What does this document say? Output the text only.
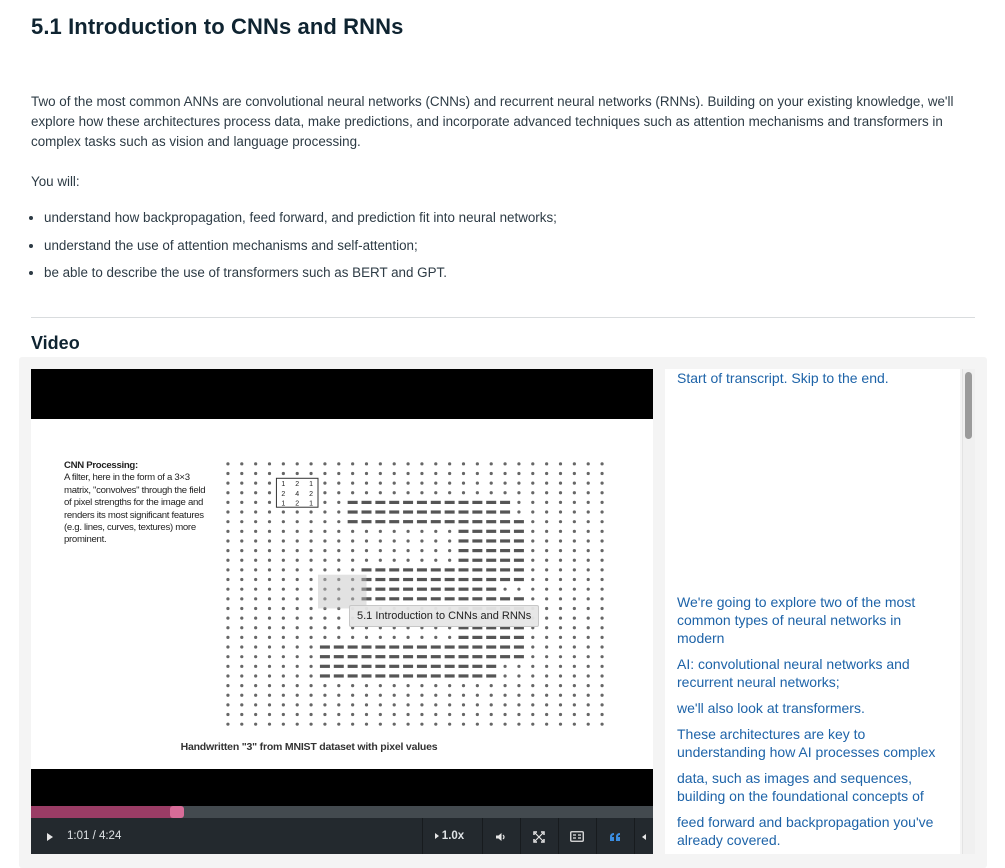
5.1 Introduction to CNNs and RNNs

Two of the most common ANNs are convolutional neural networks (CNNs) and recurrent neural networks (RNNs). Building on your existing knowledge, we'll explore how these architectures process data, make predictions, and incorporate advanced techniques such as attention mechanisms and transformers in complex tasks such as vision and language processing.

You will:

• understand how backpropagation, feed forward, and prediction fit into neural networks;
• understand the use of attention mechanisms and self-attention;
• be able to describe the use of transformers such as BERT and GPT.
Video
CNN Processing:
A filter, here in the form of a 3×3 matrix, "convolves" through the field of pixel strengths for the image and renders its most significant features (e.g. lines, curves, textures) more prominent.
1 2 1
2 4 2
1 2 1
Handwritten "3" from MNIST dataset with pixel values
5.1 Introduction to CNNs and RNNs
1:01 / 4:24	1.0x
Start of transcript. Skip to the end.
We're going to explore two of the most common types of neural networks in modern
AI: convolutional neural networks and recurrent neural networks;
we'll also look at transformers.
These architectures are key to understanding how AI processes complex
data, such as images and sequences, building on the foundational concepts of
feed forward and backpropagation you've already covered.
